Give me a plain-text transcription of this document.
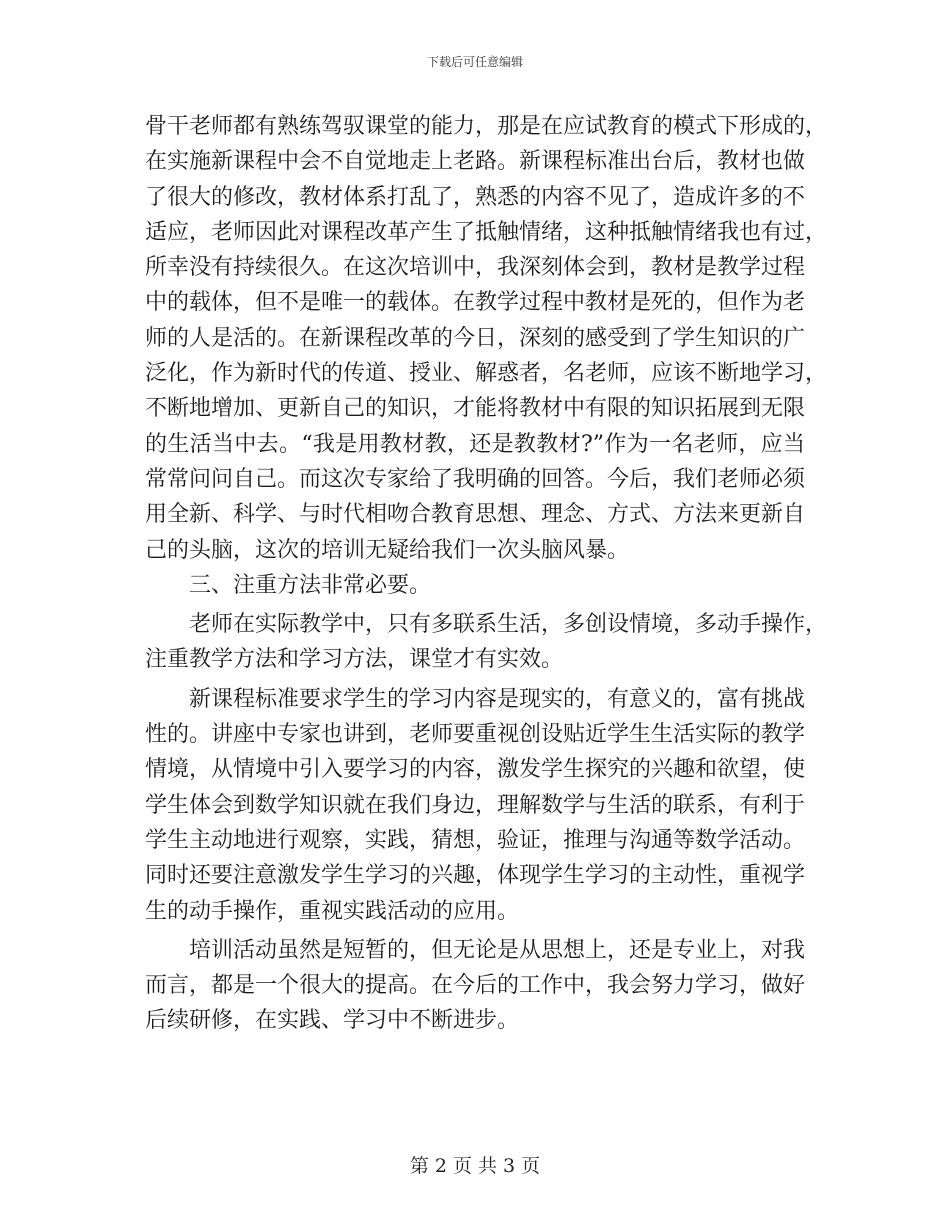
下载后可任意编辑
骨干老师都有熟练驾驭课堂的能力，那是在应试教育的模式下形成的，
在实施新课程中会不自觉地走上老路。新课程标准出台后，教材也做
了很大的修改，教材体系打乱了，熟悉的内容不见了，造成许多的不
适应，老师因此对课程改革产生了抵触情绪，这种抵触情绪我也有过，
所幸没有持续很久。在这次培训中，我深刻体会到，教材是教学过程
中的载体，但不是唯一的载体。在教学过程中教材是死的，但作为老
师的人是活的。在新课程改革的今日，深刻的感受到了学生知识的广
泛化，作为新时代的传道、授业、解惑者，名老师，应该不断地学习，
不断地增加、更新自己的知识，才能将教材中有限的知识拓展到无限
的生活当中去。“我是用教材教，还是教教材?”作为一名老师，应当
常常问问自己。而这次专家给了我明确的回答。今后，我们老师必须
用全新、科学、与时代相吻合教育思想、理念、方式、方法来更新自
己的头脑，这次的培训无疑给我们一次头脑风暴。
三、注重方法非常必要。
老师在实际教学中，只有多联系生活，多创设情境，多动手操作，
注重教学方法和学习方法，课堂才有实效。
新课程标准要求学生的学习内容是现实的，有意义的，富有挑战
性的。讲座中专家也讲到，老师要重视创设贴近学生生活实际的教学
情境，从情境中引入要学习的内容，激发学生探究的兴趣和欲望，使
学生体会到数学知识就在我们身边，理解数学与生活的联系，有利于
学生主动地进行观察，实践，猜想，验证，推理与沟通等数学活动。
同时还要注意激发学生学习的兴趣，体现学生学习的主动性，重视学
生的动手操作，重视实践活动的应用。
培训活动虽然是短暂的，但无论是从思想上，还是专业上，对我
而言，都是一个很大的提高。在今后的工作中，我会努力学习，做好
后续研修，在实践、学习中不断进步。
第 2 页 共 3 页
